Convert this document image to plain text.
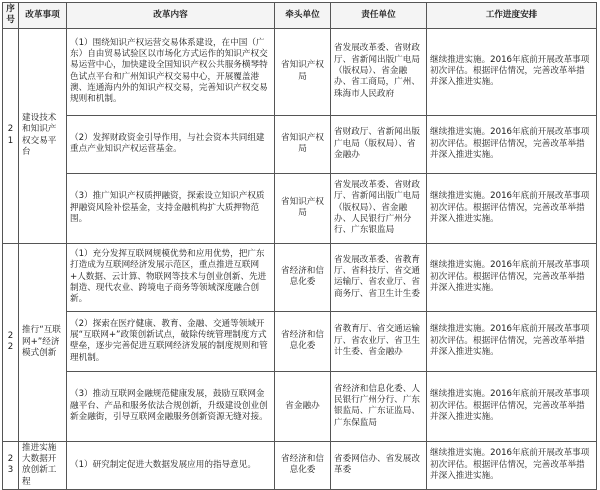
序号	改革事项	改革内容	牵头单位	责任单位	工作进度安排
21	建设技术和知识产权交易平台	（1）围绕知识产权运营交易体系建设，在中国（广东）自由贸易试验区以市场化方式运作的知识产权交易运营中心，加快建设全国知识产权公共服务横琴特色试点平台和广州知识产权交易中心，开展覆盖港澳、连通海内外的知识产权交易，完善知识产权交易规则和机制。	省知识产权局	省发展改革委、省财政厅、省新闻出版广电局（版权局）、省金融办、省工商局，广州、珠海市人民政府	继续推进实施。2016年底前开展改革事项初次评估。根据评估情况，完善改革举措并深入推进实施。
		（2）发挥财政资金引导作用，与社会资本共同组建重点产业知识产权运营基金。	省知识产权局	省财政厅、省新闻出版广电局（版权局）、省金融办	继续推进实施。2016年底前开展改革事项初次评估。根据评估情况，完善改革举措并深入推进实施。
		（3）推广知识产权质押融资，探索设立知识产权质押融资风险补偿基金，支持金融机构扩大质押物范围。	省知识产权局	省发展改革委、省财政厅、省新闻出版广电局（版权局）、省金融办、人民银行广州分行、广东银监局	继续推进实施。2016年底前开展改革事项初次评估。根据评估情况，完善改革举措并深入推进实施。
22	推行“互联网+”经济模式创新	（1）充分发挥互联网规模优势和应用优势，把广东打造成为互联网经济发展示范区，重点推进互联网+人数据、云计算、物联网等技术与创业创新、先进制造、现代农业、跨境电子商务等领域深度融合创新。	省经济和信息化委	省发展改革委、省教育厅、省科技厅、省交通运输厅、省农业厅、省商务厅、省卫生计生委	继续推进实施。2016年底前开展改革事项初次评估。根据评估情况，完善改革举措并深入推进实施。
		（2）探索在医疗健康、教育、金融、交通等领域开展“互联网+”政策创新试点，破除传统管理制度方式壁垒，逐步完善促进互联网经济发展的制度规则和管理机制。	省经济和信息化委	省教育厅、省交通运输厅、省农业厅、省卫生计生委、省金融办	继续推进实施。2016年底前开展改革事项初次评估。根据评估情况，完善改革举措并深入推进实施。
		（3）推动互联网金融规范健康发展，鼓励互联网金融平台、产品和服务依法合规创新，升级建设创业创新金融街，引导互联网金融服务创新资源无缝对接。	省金融办	省经济和信息化委、人民银行广州分行、广东银监局、广东证监局、广东保监局	继续推进实施。2016年底前开展改革事项初次评估。根据评估情况，完善改革举措并深入推进实施。
23	推进实施大数据开放创新工程	（1）研究制定促进大数据发展应用的指导意见。	省经济和信息化委	省委网信办、省发展改革委	继续推进实施。2016年底前开展改革事项初次评估。根据评估情况，完善改革举措并深入推进实施。
